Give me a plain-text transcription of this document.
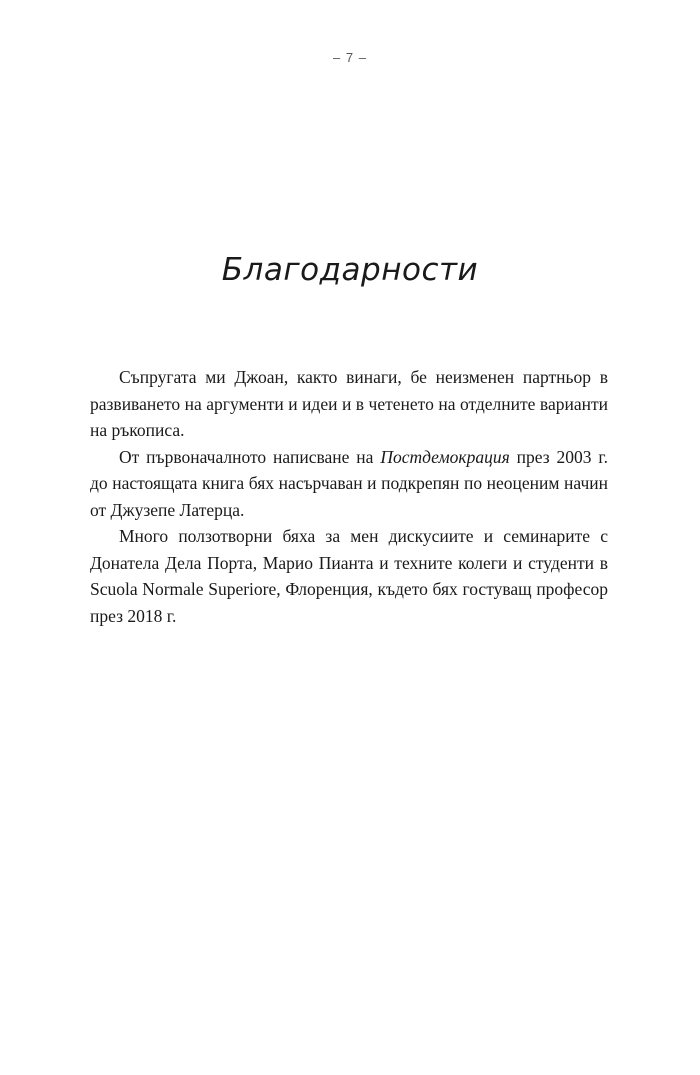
– 7 –
Благодарности

Съпругата ми Джоан, както винаги, бе неизменен партньор в развиването на аргументи и идеи и в четенето на отделните варианти на ръкописа.

От първоначалното написване на Постдемокрация през 2003 г. до настоящата книга бях насърчаван и подкрепян по неоценим начин от Джузепе Латерца.

Много ползотворни бяха за мен дискусиите и семинарите с Донатела Дела Порта, Марио Пианта и техните колеги и студенти в Scuola Normale Superiore, Флоренция, където бях гостуващ професор през 2018 г.
